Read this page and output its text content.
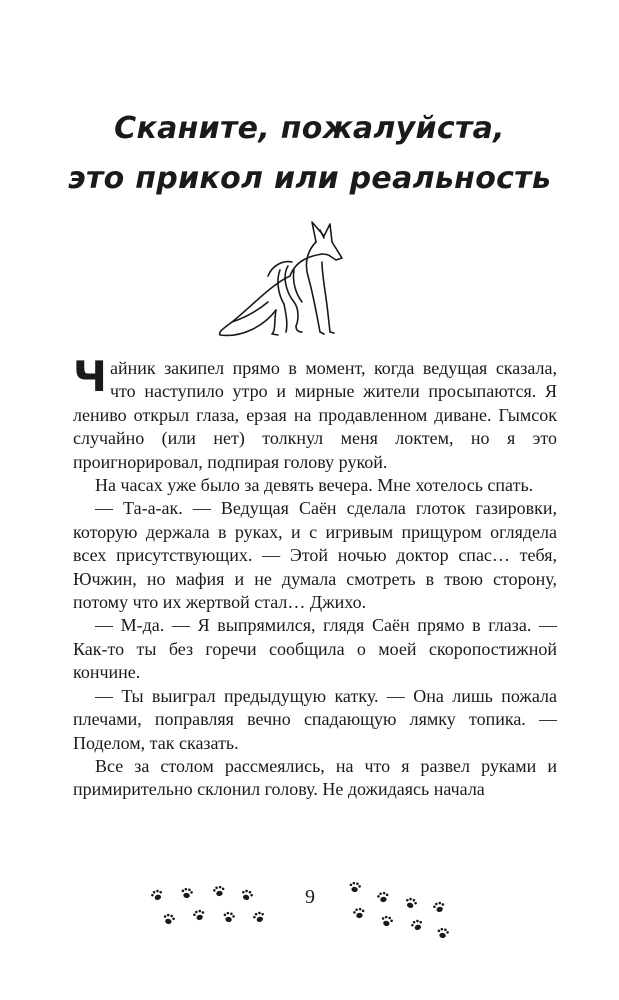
Сканите, пожалуйста,
это прикол или реальность

Чайник закипел прямо в момент, когда ведущая сказала, что наступило утро и мирные жители просыпаются. Я лениво открыл глаза, ерзая на продавленном диване. Гымсок случайно (или нет) толкнул меня локтем, но я это проигнорировал, подпирая голову рукой.

На часах уже было за девять вечера. Мне хотелось спать.

— Та-а-ак. — Ведущая Саён сделала глоток газировки, которую держала в руках, и с игривым прищуром оглядела всех присутствующих. — Этой ночью доктор спас… тебя, Ючжин, но мафия и не думала смотреть в твою сторону, потому что их жертвой стал… Джихо.

— М-да. — Я выпрямился, глядя Саён прямо в глаза. — Как-то ты без горечи сообщила о моей скоропостижной кончине.

— Ты выиграл предыдущую катку. — Она лишь пожала плечами, поправляя вечно спадающую лямку топика. — Поделом, так сказать.

Все за столом рассмеялись, на что я развел руками и примирительно склонил голову. Не дожидаясь начала

9
